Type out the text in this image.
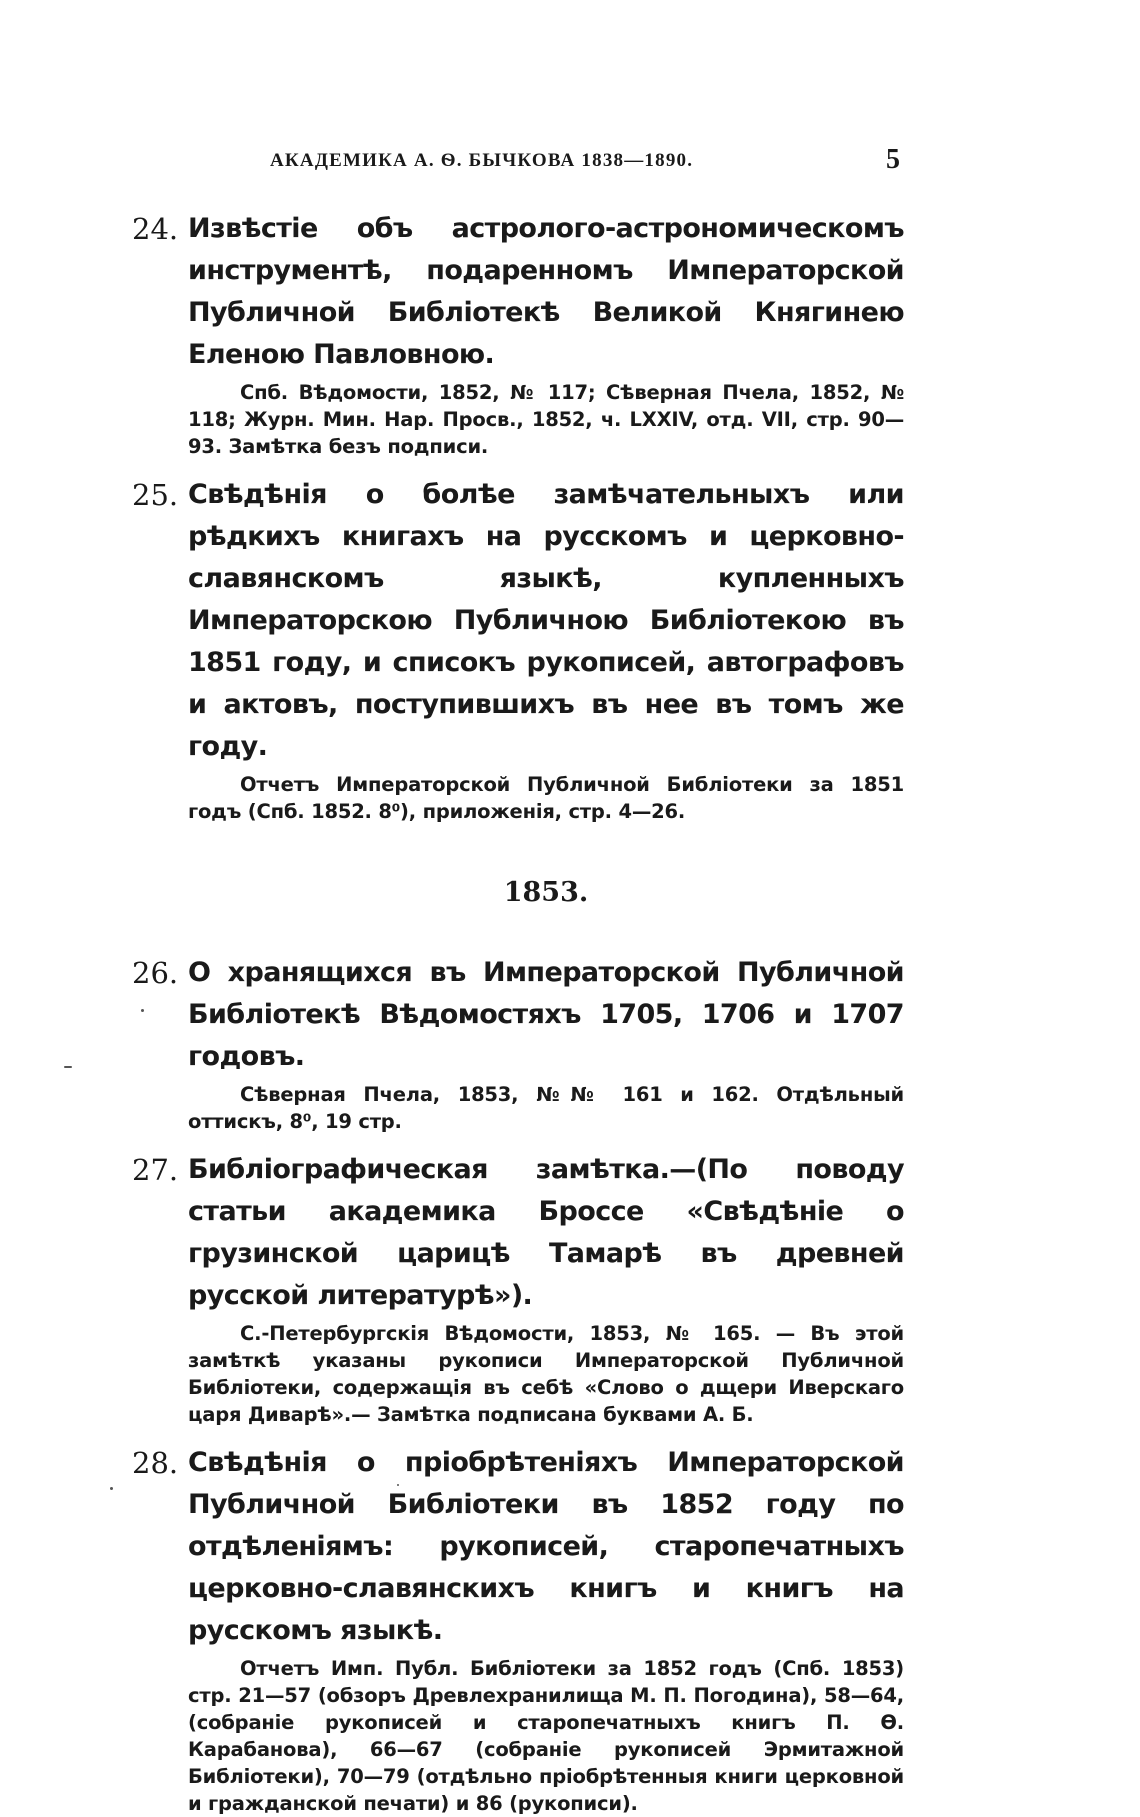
АКАДЕМИКА А. Ѳ. БЫЧКОВА 1838—1890.	5
24. Извѣстіе объ астролого-астрономическомъ инструментѣ, подаренномъ Императорской Публичной Библіотекѣ Великой Княгинею Еленою Павловною.
Спб. Вѣдомости, 1852, № 117; Сѣверная Пчела, 1852, № 118; Журн. Мин. Нар. Просв., 1852, ч. LXXIV, отд. VII, стр. 90—93. Замѣтка безъ подписи.
25. Свѣдѣнія о болѣе замѣчательныхъ или рѣдкихъ книгахъ на русскомъ и церковно-славянскомъ языкѣ, купленныхъ Императорскою Публичною Библіотекою въ 1851 году, и списокъ рукописей, автографовъ и актовъ, поступившихъ въ нее въ томъ же году.
Отчетъ Императорской Публичной Библіотеки за 1851 годъ (Спб. 1852. 8⁰), приложенія, стр. 4—26.
1853.
26. О хранящихся въ Императорской Публичной Библіотекѣ Вѣдомостяхъ 1705, 1706 и 1707 годовъ.
Сѣверная Пчела, 1853, №№ 161 и 162. Отдѣльный оттискъ, 8⁰, 19 стр.
27. Библіографическая замѣтка.—(По поводу статьи академика Броссе «Свѣдѣніе о грузинской царицѣ Тамарѣ въ древней русской литературѣ»).
С.-Петербургскія Вѣдомости, 1853, № 165. — Въ этой замѣткѣ указаны рукописи Императорской Публичной Библіотеки, содержащія въ себѣ «Слово о дщери Иверскаго царя Диварѣ».— Замѣтка подписана буквами А. Б.
28. Свѣдѣнія о пріобрѣтеніяхъ Императорской Публичной Библіотеки въ 1852 году по отдѣленіямъ: рукописей, старопечатныхъ церковно-славянскихъ книгъ и книгъ на русскомъ языкѣ.
Отчетъ Имп. Публ. Библіотеки за 1852 годъ (Спб. 1853) стр. 21—57 (обзоръ Древлехранилища М. П. Погодина), 58—64, (собраніе рукописей и старопечатныхъ книгъ П. Ѳ. Карабанова), 66—67 (собраніе рукописей Эрмитажной Библіотеки), 70—79 (отдѣльно пріобрѣтенныя книги церковной и гражданской печати) и 86 (рукописи).
